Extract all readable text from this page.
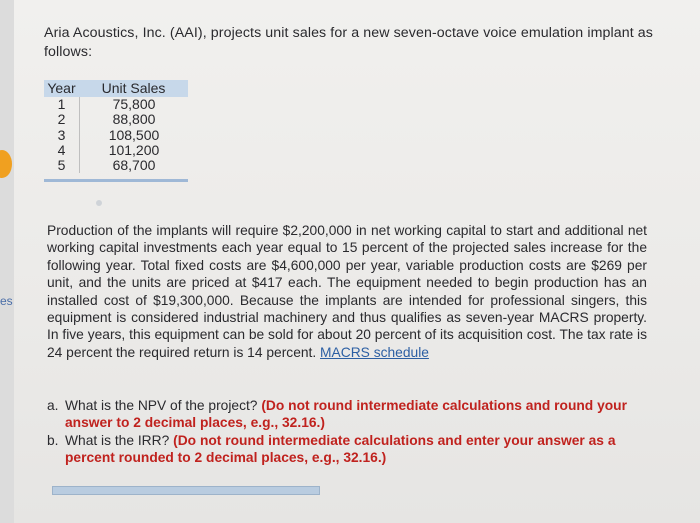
es
Aria Acoustics, Inc. (AAI), projects unit sales for a new seven-octave voice emulation implant as follows:
Year	Unit Sales
1	75,800
2	88,800
3	108,500
4	101,200
5	68,700
Production of the implants will require $2,200,000 in net working capital to start and additional net working capital investments each year equal to 15 percent of the projected sales increase for the following year. Total fixed costs are $4,600,000 per year, variable production costs are $269 per unit, and the units are priced at $417 each. The equipment needed to begin production has an installed cost of $19,300,000. Because the implants are intended for professional singers, this equipment is considered industrial machinery and thus qualifies as seven-year MACRS property. In five years, this equipment can be sold for about 20 percent of its acquisition cost. The tax rate is 24 percent the required return is 14 percent. MACRS schedule
a. What is the NPV of the project? (Do not round intermediate calculations and round your answer to 2 decimal places, e.g., 32.16.)
b. What is the IRR? (Do not round intermediate calculations and enter your answer as a percent rounded to 2 decimal places, e.g., 32.16.)
